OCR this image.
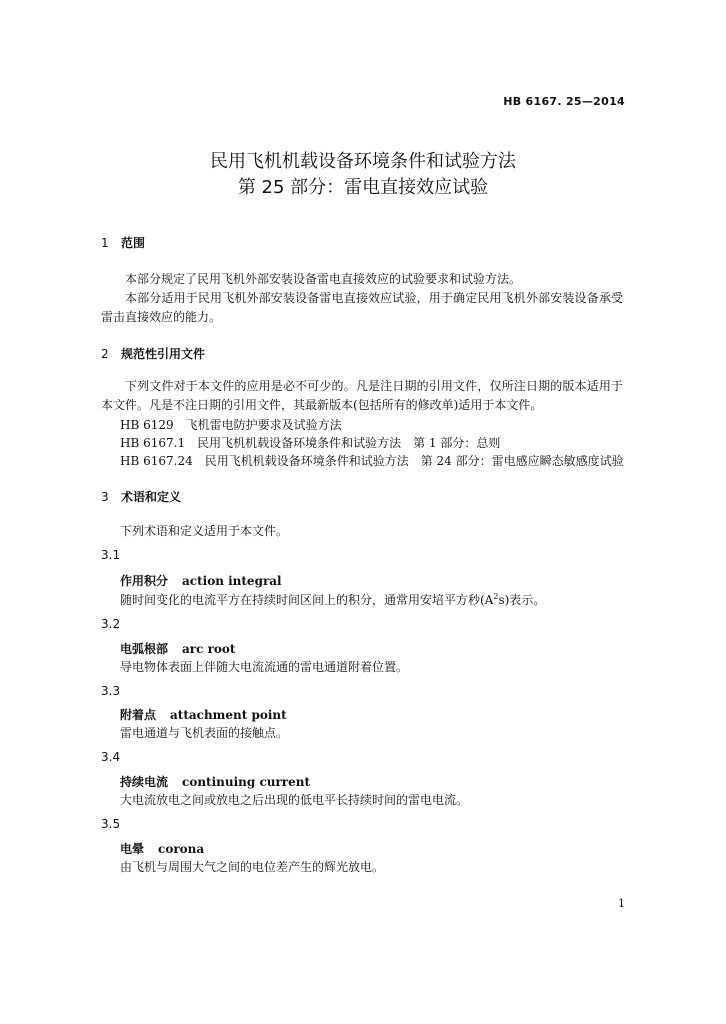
HB 6167. 25—2014
民用飞机机载设备环境条件和试验方法
第 25 部分：雷电直接效应试验
1 范围
本部分规定了民用飞机外部安装设备雷电直接效应的试验要求和试验方法。
本部分适用于民用飞机外部安装设备雷电直接效应试验，用于确定民用飞机外部安装设备承受雷击直接效应的能力。
2 规范性引用文件
下列文件对于本文件的应用是必不可少的。凡是注日期的引用文件，仅所注日期的版本适用于本文件。凡是不注日期的引用文件，其最新版本(包括所有的修改单)适用于本文件。
HB 6129　飞机雷电防护要求及试验方法
HB 6167.1　民用飞机机载设备环境条件和试验方法　第 1 部分：总则
HB 6167.24　民用飞机机载设备环境条件和试验方法　第 24 部分：雷电感应瞬态敏感度试验
3 术语和定义
下列术语和定义适用于本文件。
3.1
作用积分 action integral
随时间变化的电流平方在持续时间区间上的积分，通常用安培平方秒$(A^2s)$表示。
3.2
电弧根部 arc root
导电物体表面上伴随大电流流通的雷电通道附着位置。
3.3
附着点 attachment point
雷电通道与飞机表面的接触点。
3.4
持续电流 continuing current
大电流放电之间或放电之后出现的低电平长持续时间的雷电电流。
3.5
电晕 corona
由飞机与周围大气之间的电位差产生的辉光放电。
1
